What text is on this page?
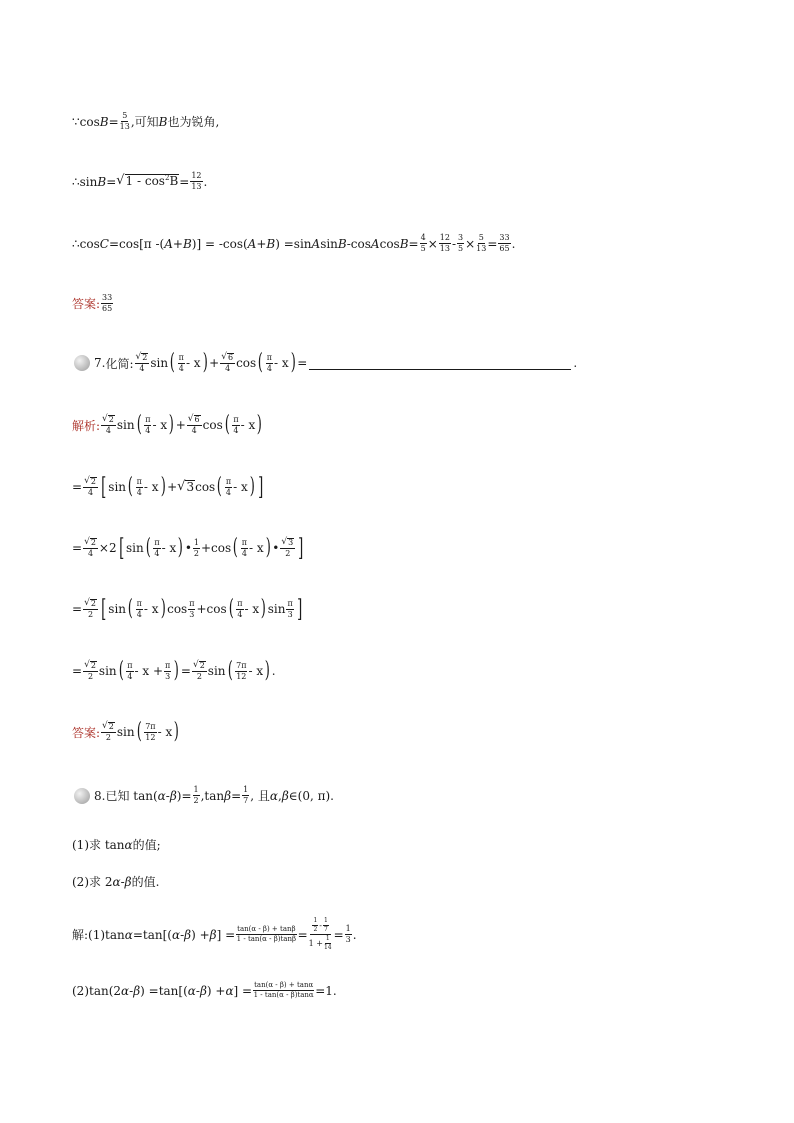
∵cos $B = \frac{5}{13}$ ,可知 B 也为锐角,
∴sin B = √ $1 - \cos^2B = \frac{12}{13}$ .
∴cos C =cos[π -( A + B )] = -cos( A + B ) =sin A sin B -cos A $\cos B = \frac{4}{5} \times \frac{12}{13} - \frac{3}{5} \times \frac{5}{13} = \frac{33}{65}$ .
答案: $\frac{33}{65}$
7. 化简: $\frac{√ 2}{4}$ sin ( $\frac{\pi}{4}$ - x ) + $\frac{√ 6}{4}$ cos ( $\frac{\pi}{4}$ - x ) =	.
解析: $\frac{√ 2}{4}$ sin ( $\frac{\pi}{4}$ - x ) + $\frac{√ 6}{4}$ cos ( $\frac{\pi}{4}$ - x )
= $\frac{√ 2}{4}$ [ sin ( $\frac{\pi}{4}$ - x ) + √ 3 cos ( $\frac{\pi}{4}$ - x ) ]
= $\frac{√ 2}{4} \times 2$ [ sin ( $\frac{\pi}{4}$ - x ) • $\frac{1}{2} + \cos$ ( $\frac{\pi}{4}$ - x ) • $\frac{√ 3}{2}$ ]
= $\frac{√ 2}{2}$ [ sin ( $\frac{\pi}{4}$ - x ) $\cos \frac{\pi}{3} + \cos$ ( $\frac{\pi}{4}$ - x ) $\sin \frac{\pi}{3}$ ]
= $\frac{√ 2}{2}$ sin ( $\frac{\pi}{4} - x + \frac{\pi}{3}$ ) = $\frac{√ 2}{2}$ sin ( $\frac{7\pi}{12}$ - x ) .
答案: $\frac{√ 2}{2}$ sin ( $\frac{7\pi}{12}$ - x )
8. 已知 tan( α - β ) = $\frac{1}{2} ,\tan$ $\beta = \frac{1}{7}$ , 且 α , β ∈(0, π).
(1)求 tan α 的值;
(2)求 2 α - β 的值.
解:(1)tan α =tan[( α - β ) + β ] = $\frac{\tan(\alpha - \beta) + \tan\beta}{1 - \tan(\alpha - \beta)\tan\beta} = \frac{\frac{1}{2} - \frac{1}{7}}{1 + \frac{1}{14}} = \frac{1}{3}$ .
(2)tan(2 α - β ) =tan[( α - β ) + α ] = $\frac{\tan(\alpha - \beta) + \tan\alpha}{1 - \tan(\alpha - \beta)\tan\alpha} =1$.
